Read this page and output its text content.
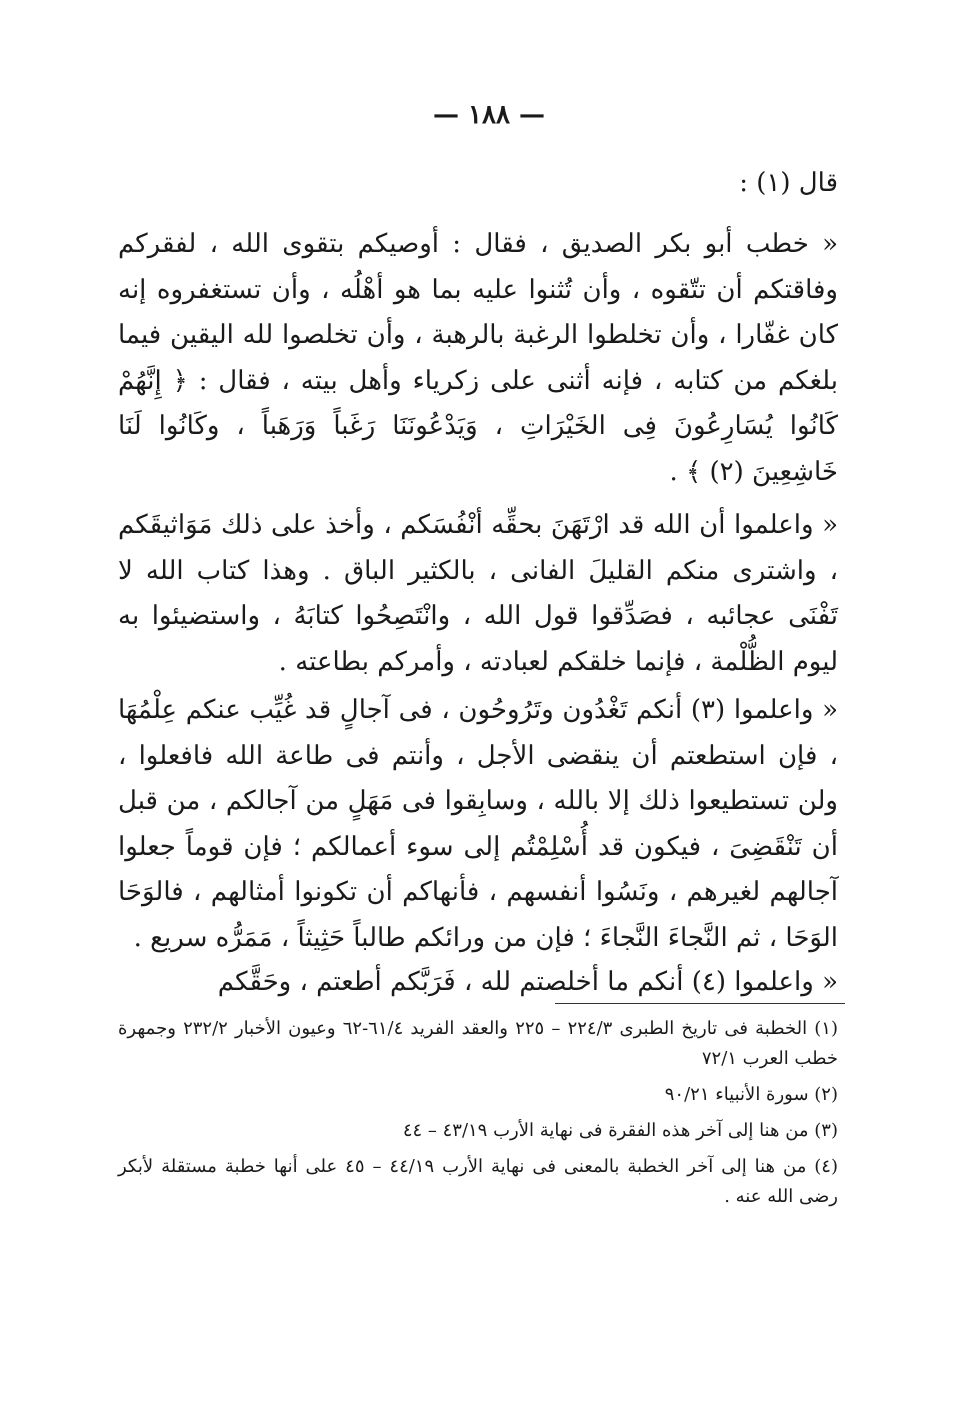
— ١٨٨ —
قال (١) :

« خطب أبو بكر الصديق ، فقال : أوصيكم بتقوى الله ، لفقركم وفاقتكم أن تتّقوه ، وأن تُثنوا عليه بما هو أهْلُه ، وأن تستغفروه إنه كان غفّارا ، وأن تخلطوا الرغبة بالرهبة ، وأن تخلصوا لله اليقين فيما بلغكم من كتابه ، فإنه أثنى على زكرياء وأهل بيته ، فقال : ﴿ إِنَّهُمْ كَانُوا يُسَارِعُونَ فِى الخَيْرَاتِ ، وَيَدْعُونَنَا رَغَباً وَرَهَباً ، وكَانُوا لَنَا خَاشِعِينَ (٢) ﴾ .

« واعلموا أن الله قد ارْتَهَنَ بحقِّه أنْفُسَكم ، وأخذ على ذلك مَوَاثيقَكم ، واشترى منكم القليلَ الفانى ، بالكثير الباق . وهذا كتاب الله لا تَفْنَى عجائبه ، فصَدِّقوا قول الله ، وانْتَصِحُوا كتابَهُ ، واستضيئوا به ليوم الظُّلْمة ، فإنما خلقكم لعبادته ، وأمركم بطاعته .

« واعلموا (٣) أنكم تَغْدُون وتَرُوحُون ، فى آجالٍ قد غُيِّب عنكم عِلْمُهَا ، فإن استطعتم أن ينقضى الأجل ، وأنتم فى طاعة الله فافعلوا ، ولن تستطيعوا ذلك إلا بالله ، وسابِقوا فى مَهَلٍ من آجالكم ، من قبل أن تَنْقَضِىَ ، فيكون قد أُسْلِمْتُم إلى سوء أعمالكم ؛ فإن قوماً جعلوا آجالهم لغيرهم ، ونَسُوا أنفسهم ، فأنهاكم أن تكونوا أمثالهم ، فالوَحَا الوَحَا ، ثم النَّجاءَ النَّجاءَ ؛ فإن من ورائكم طالباً حَثِيثاً ، مَمَرُّه سريع .

« واعلموا (٤) أنكم ما أخلصتم لله ، فَرَبَّكم أطعتم ، وحَقَّكم

(١) الخطبة فى تاريخ الطبرى ٢٢٤/٣ – ٢٢٥ والعقد الفريد ٦١/٤-٦٢ وعيون الأخبار ٢٣٢/٢ وجمهرة خطب العرب ٧٢/١

(٢) سورة الأنبياء ٩٠/٢١

(٣) من هنا إلى آخر هذه الفقرة فى نهاية الأرب ٤٣/١٩ – ٤٤

(٤) من هنا إلى آخر الخطبة بالمعنى فى نهاية الأرب ٤٤/١٩ – ٤٥ على أنها خطبة مستقلة لأبكر رضى الله عنه .
